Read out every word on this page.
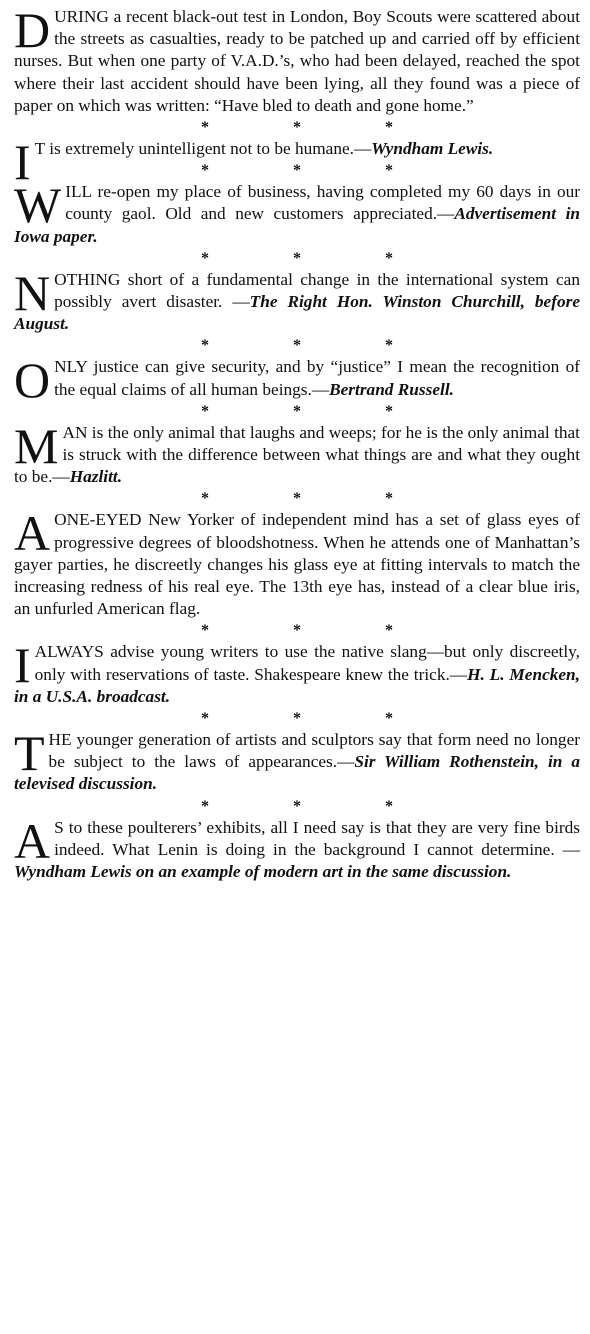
DURING a recent black-out test in London, Boy Scouts were scattered about the streets as casualties, ready to be patched up and carried off by efficient nurses. But when one party of V.A.D.’s, who had been delayed, reached the spot where their last accident should have been lying, all they found was a piece of paper on which was written: “Have bled to death and gone home.”

* * *

I T is extremely unintelligent not to be humane.—Wyndham Lewis.

* * *

WILL re-open my place of business, having completed my 60 days in our county gaol. Old and new customers appreciated.—Advertisement in Iowa paper.

* * *

NOTHING short of a fundamental change in the international system can possibly avert disaster. —The Right Hon. Winston Churchill, before August.

* * *

ONLY justice can give security, and by “justice” I mean the recognition of the equal claims of all human beings.—Bertrand Russell.

* * *

MAN is the only animal that laughs and weeps; for he is the only animal that is struck with the difference between what things are and what they ought to be.—Hazlitt.

* * *

AONE-EYED New Yorker of independent mind has a set of glass eyes of progressive degrees of bloodshotness. When he attends one of Manhattan’s gayer parties, he discreetly changes his glass eye at fitting intervals to match the increasing redness of his real eye. The 13th eye has, instead of a clear blue iris, an unfurled American flag.

* * *

IALWAYS advise young writers to use the native slang—but only discreetly, only with reservations of taste. Shakespeare knew the trick.—H. L. Mencken, in a U.S.A. broadcast.

* * *

THE younger generation of artists and sculptors say that form need no longer be subject to the laws of appearances.—Sir William Rothenstein, in a televised discussion.

* * *

A S to these poulterers’ exhibits, all I need say is that they are very fine birds indeed. What Lenin is doing in the background I cannot determine. —Wyndham Lewis on an example of modern art in the same discussion.
